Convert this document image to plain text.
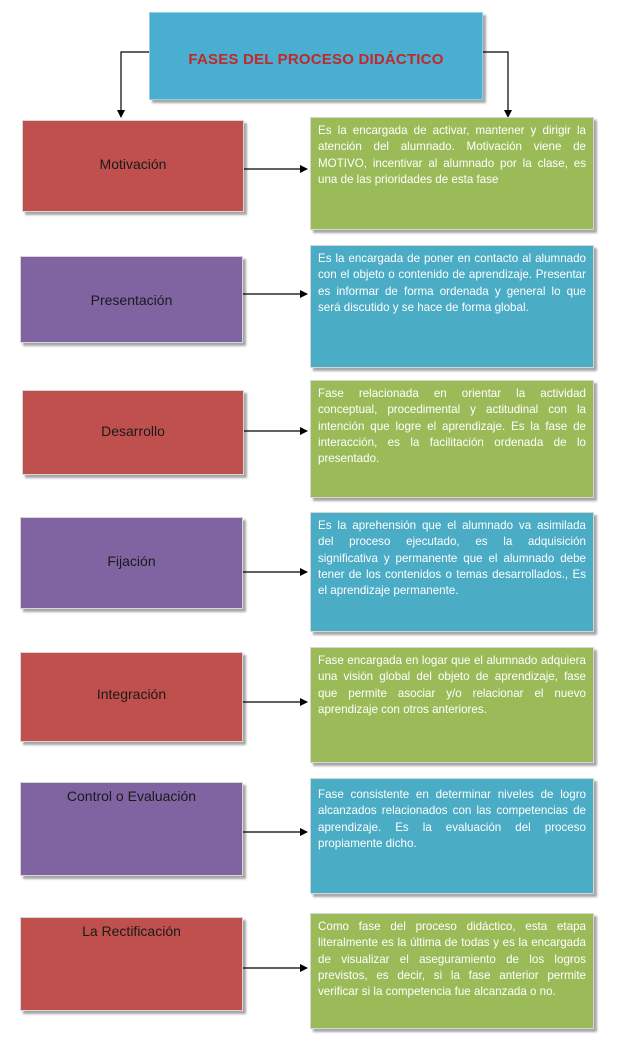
FASES DEL PROCESO DIDÁCTICO
Motivación

Es la encargada de activar, mantener y dirigir la atención del alumnado. Motivación viene de MOTIVO, incentivar al alumnado por la clase, es una de las prioridades de esta fase

Presentación

Es la encargada de poner en contacto al alumnado con el objeto o contenido de aprendizaje. Presentar es informar de forma ordenada y general lo que será discutido y se hace de forma global.

Desarrollo

Fase relacionada en orientar la actividad conceptual, procedimental y actitudinal con la intención que logre el aprendizaje. Es la fase de interacción, es la facilitación ordenada de lo presentado.

Fijación

Es la aprehensión que el alumnado va asimilada del proceso ejecutado, es la adquisición significativa y permanente que el alumnado debe tener de los contenidos o temas desarrollados., Es el aprendizaje permanente.

Integración

Fase encargada en logar que el alumnado adquiera una visión global del objeto de aprendizaje, fase que permite asociar y/o relacionar el nuevo aprendizaje con otros anteriores.

Control o Evaluación	Fase consistente en determinar niveles de logro alcanzados relacionados con las competencias de aprendizaje. Es la evaluación del proceso propiamente dicho.

La Rectificación	Como fase del proceso didáctico, esta etapa literalmente es la última de todas y es la encargada de visualizar el aseguramiento de los logros previstos, es decir, si la fase anterior permite verificar si la competencia fue alcanzada o no.
